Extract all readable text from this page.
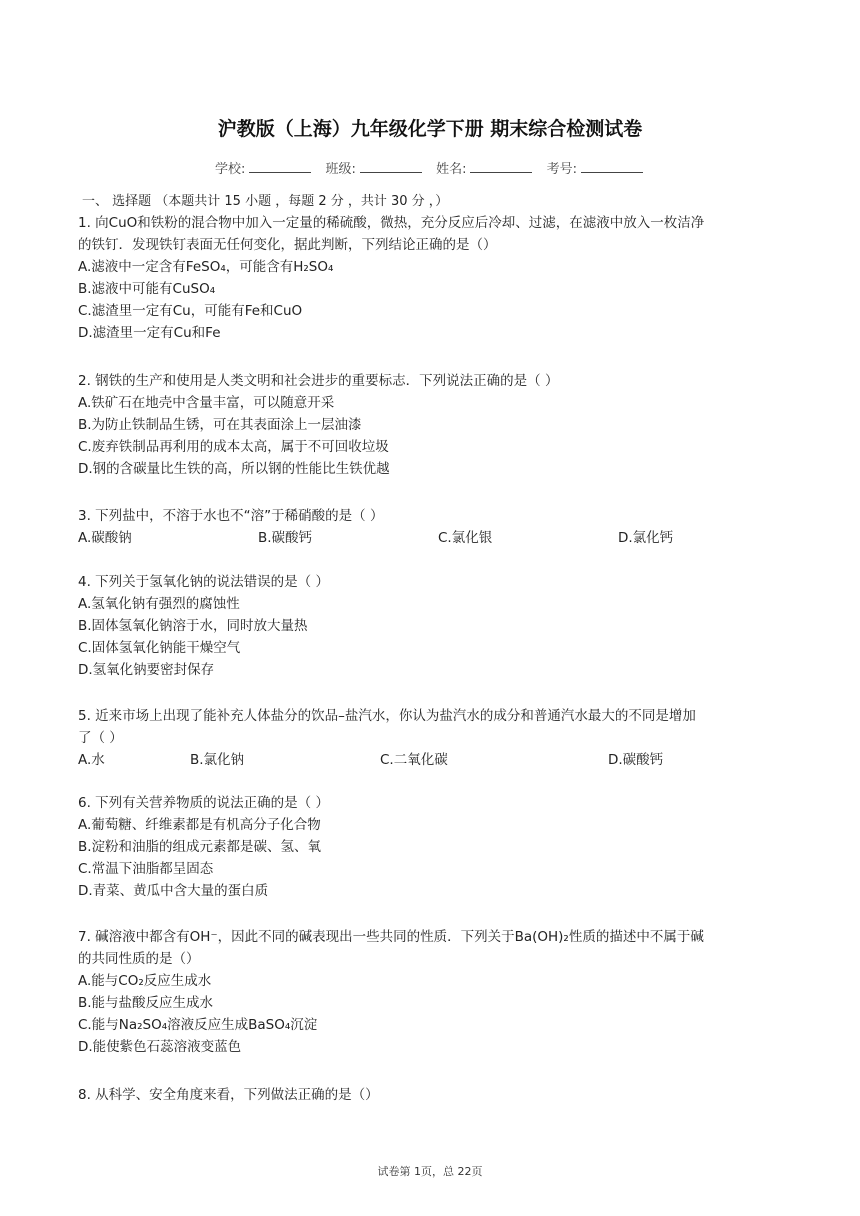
沪教版（上海）九年级化学下册 期末综合检测试卷
学校:	班级:	姓名:	考号:
一、 选择题 （本题共计 15 小题 ，每题 2 分 ，共计 30 分 ，）
1. 向CuO和铁粉的混合物中加入一定量的稀硫酸，微热，充分反应后冷却、过滤，在滤液中放入一枚洁净
的铁钉．发现铁钉表面无任何变化，据此判断，下列结论正确的是（）
A.滤液中一定含有FeSO₄，可能含有H₂SO₄
B.滤液中可能有CuSO₄
C.滤渣里一定有Cu，可能有Fe和CuO
D.滤渣里一定有Cu和Fe
2. 钢铁的生产和使用是人类文明和社会进步的重要标志．下列说法正确的是（ ）
A.铁矿石在地壳中含量丰富，可以随意开采
B.为防止铁制品生锈，可在其表面涂上一层油漆
C.废弃铁制品再利用的成本太高，属于不可回收垃圾
D.钢的含碳量比生铁的高，所以钢的性能比生铁优越
3. 下列盐中，不溶于水也不“溶”于稀硝酸的是（ ）
A.碳酸钠	B.碳酸钙	C.氯化银	D.氯化钙
4. 下列关于氢氧化钠的说法错误的是（ ）
A.氢氧化钠有强烈的腐蚀性
B.固体氢氧化钠溶于水，同时放大量热
C.固体氢氧化钠能干燥空气
D.氢氧化钠要密封保存
5. 近来市场上出现了能补充人体盐分的饮品–盐汽水，你认为盐汽水的成分和普通汽水最大的不同是增加
了（ ）
A.水	B.氯化钠	C.二氧化碳	D.碳酸钙
6. 下列有关营养物质的说法正确的是（ ）
A.葡萄糖、纤维素都是有机高分子化合物
B.淀粉和油脂的组成元素都是碳、氢、氧
C.常温下油脂都呈固态
D.青菜、黄瓜中含大量的蛋白质
7. 碱溶液中都含有OH⁻，因此不同的碱表现出一些共同的性质．下列关于Ba(OH)₂性质的描述中不属于碱
的共同性质的是（）
A.能与CO₂反应生成水
B.能与盐酸反应生成水
C.能与Na₂SO₄溶液反应生成BaSO₄沉淀
D.能使紫色石蕊溶液变蓝色
8. 从科学、安全角度来看，下列做法正确的是（）
试卷第 1页，总 22页
